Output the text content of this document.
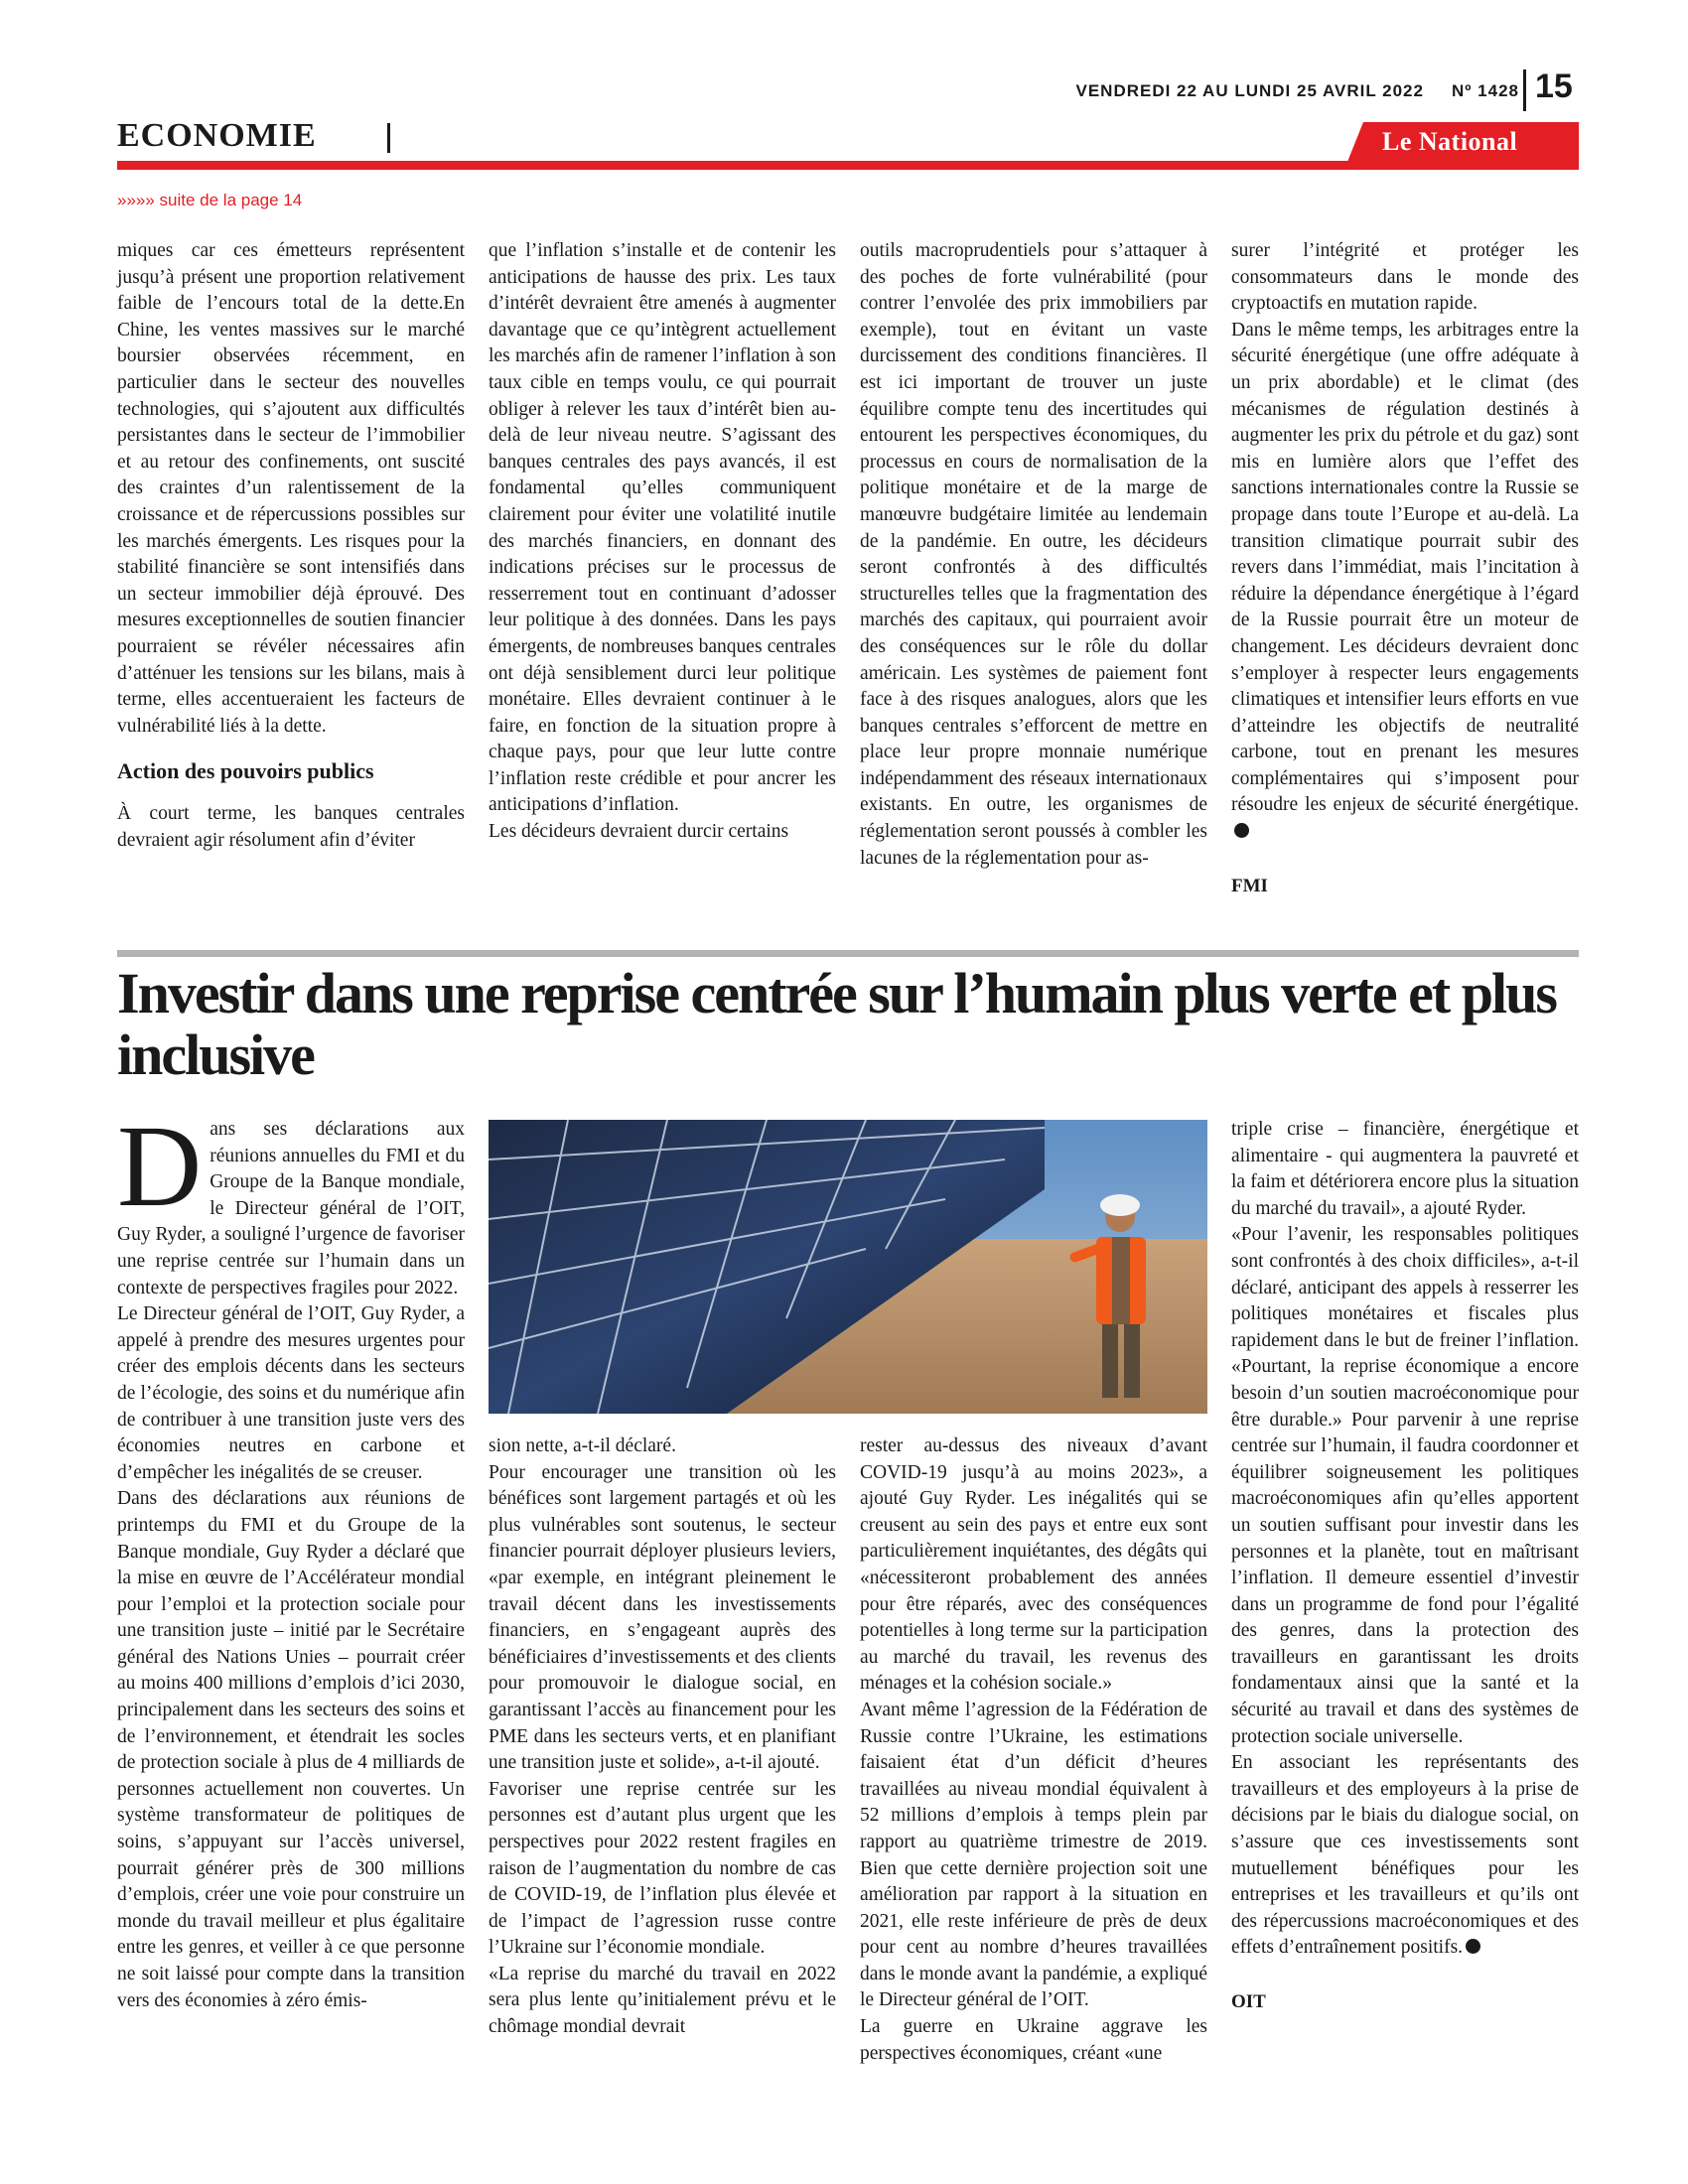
VENDREDI 22 AU LUNDI 25 AVRIL 2022 Nº 1428 15
ECONOMIE	Le National
»»»» suite de la page 14

miques car ces émetteurs représentent jusqu’à présent une proportion relativement faible de l’encours total de la dette.En Chine, les ventes massives sur le marché boursier observées récemment, en particulier dans le secteur des nouvelles technologies, qui s’ajoutent aux difficultés persistantes dans le secteur de l’immobilier et au retour des confinements, ont suscité des craintes d’un ralentissement de la croissance et de répercussions possibles sur les marchés émergents. Les risques pour la stabilité financière se sont intensifiés dans un secteur immobilier déjà éprouvé. Des mesures exceptionnelles de soutien financier pourraient se révéler nécessaires afin d’atténuer les tensions sur les bilans, mais à terme, elles accentueraient les facteurs de vulnérabilité liés à la dette.

Action des pouvoirs publics

À court terme, les banques centrales devraient agir résolument afin d’éviter

que l’inflation s’installe et de contenir les anticipations de hausse des prix. Les taux d’intérêt devraient être amenés à augmenter davantage que ce qu’intègrent actuellement les marchés afin de ramener l’inflation à son taux cible en temps voulu, ce qui pourrait obliger à relever les taux d’intérêt bien au-delà de leur niveau neutre. S’agissant des banques centrales des pays avancés, il est fondamental qu’elles communiquent clairement pour éviter une volatilité inutile des marchés financiers, en donnant des indications précises sur le processus de resserrement tout en continuant d’adosser leur politique à des données. Dans les pays émergents, de nombreuses banques centrales ont déjà sensiblement durci leur politique monétaire. Elles devraient continuer à le faire, en fonction de la situation propre à chaque pays, pour que leur lutte contre l’inflation reste crédible et pour ancrer les anticipations d’inflation.

Les décideurs devraient durcir certains

outils macroprudentiels pour s’attaquer à des poches de forte vulnérabilité (pour contrer l’envolée des prix immobiliers par exemple), tout en évitant un vaste durcissement des conditions financières. Il est ici important de trouver un juste équilibre compte tenu des incertitudes qui entourent les perspectives économiques, du processus en cours de normalisation de la politique monétaire et de la marge de manœuvre budgétaire limitée au lendemain de la pandémie. En outre, les décideurs seront confrontés à des difficultés structurelles telles que la fragmentation des marchés des capitaux, qui pourraient avoir des conséquences sur le rôle du dollar américain. Les systèmes de paiement font face à des risques analogues, alors que les banques centrales s’efforcent de mettre en place leur propre monnaie numérique indépendamment des réseaux internationaux existants. En outre, les organismes de réglementation seront poussés à combler les lacunes de la réglementation pour as-

surer l’intégrité et protéger les consommateurs dans le monde des cryptoactifs en mutation rapide.

Dans le même temps, les arbitrages entre la sécurité énergétique (une offre adéquate à un prix abordable) et le climat (des mécanismes de régulation destinés à augmenter les prix du pétrole et du gaz) sont mis en lumière alors que l’effet des sanctions internationales contre la Russie se propage dans toute l’Europe et au-delà. La transition climatique pourrait subir des revers dans l’immédiat, mais l’incitation à réduire la dépendance énergétique à l’égard de la Russie pourrait être un moteur de changement. Les décideurs devraient donc s’employer à respecter leurs engagements climatiques et intensifier leurs efforts en vue d’atteindre les objectifs de neutralité carbone, tout en prenant les mesures complémentaires qui s’imposent pour résoudre les enjeux de sécurité énergétique.

FMI
Investir dans une reprise centrée sur l’humain plus verte et plus inclusive

Dans ses déclarations aux réunions annuelles du FMI et du Groupe de la Banque mondiale, le Directeur général de l’OIT, Guy Ryder, a souligné l’urgence de favoriser une reprise centrée sur l’humain dans un contexte de perspectives fragiles pour 2022.

Le Directeur général de l’OIT, Guy Ryder, a appelé à prendre des mesures urgentes pour créer des emplois décents dans les secteurs de l’écologie, des soins et du numérique afin de contribuer à une transition juste vers des économies neutres en carbone et d’empêcher les inégalités de se creuser.

Dans des déclarations aux réunions de printemps du FMI et du Groupe de la Banque mondiale, Guy Ryder a déclaré que la mise en œuvre de l’Accélérateur mondial pour l’emploi et la protection sociale pour une transition juste – initié par le Secrétaire général des Nations Unies – pourrait créer au moins 400 millions d’emplois d’ici 2030, principalement dans les secteurs des soins et de l’environnement, et étendrait les socles de protection sociale à plus de 4 milliards de personnes actuellement non couvertes. Un système transformateur de politiques de soins, s’appuyant sur l’accès universel, pourrait générer près de 300 millions d’emplois, créer une voie pour construire un monde du travail meilleur et plus égalitaire entre les genres, et veiller à ce que personne ne soit laissé pour compte dans la transition vers des économies à zéro émis-

sion nette, a-t-il déclaré.

Pour encourager une transition où les bénéfices sont largement partagés et où les plus vulnérables sont soutenus, le secteur financier pourrait déployer plusieurs leviers, «par exemple, en intégrant pleinement le travail décent dans les investissements financiers, en s’engageant auprès des bénéficiaires d’investissements et des clients pour promouvoir le dialogue social, en garantissant l’accès au financement pour les PME dans les secteurs verts, et en planifiant une transition juste et solide», a-t-il ajouté.

Favoriser une reprise centrée sur les personnes est d’autant plus urgent que les perspectives pour 2022 restent fragiles en raison de l’augmentation du nombre de cas de COVID-19, de l’inflation plus élevée et de l’impact de l’agression russe contre l’Ukraine sur l’économie mondiale.

«La reprise du marché du travail en 2022 sera plus lente qu’initialement prévu et le chômage mondial devrait

rester au-dessus des niveaux d’avant COVID-19 jusqu’à au moins 2023», a ajouté Guy Ryder. Les inégalités qui se creusent au sein des pays et entre eux sont particulièrement inquiétantes, des dégâts qui «nécessiteront probablement des années pour être réparés, avec des conséquences potentielles à long terme sur la participation au marché du travail, les revenus des ménages et la cohésion sociale.»

Avant même l’agression de la Fédération de Russie contre l’Ukraine, les estimations faisaient état d’un déficit d’heures travaillées au niveau mondial équivalent à 52 millions d’emplois à temps plein par rapport au quatrième trimestre de 2019. Bien que cette dernière projection soit une amélioration par rapport à la situation en 2021, elle reste inférieure de près de deux pour cent au nombre d’heures travaillées dans le monde avant la pandémie, a expliqué le Directeur général de l’OIT.

La guerre en Ukraine aggrave les perspectives économiques, créant «une

triple crise – financière, énergétique et alimentaire - qui augmentera la pauvreté et la faim et détériorera encore plus la situation du marché du travail», a ajouté Ryder.

«Pour l’avenir, les responsables politiques sont confrontés à des choix difficiles», a-t-il déclaré, anticipant des appels à resserrer les politiques monétaires et fiscales plus rapidement dans le but de freiner l’inflation. «Pourtant, la reprise économique a encore besoin d’un soutien macroéconomique pour être durable.» Pour parvenir à une reprise centrée sur l’humain, il faudra coordonner et équilibrer soigneusement les politiques macroéconomiques afin qu’elles apportent un soutien suffisant pour investir dans les personnes et la planète, tout en maîtrisant l’inflation. Il demeure essentiel d’investir dans un programme de fond pour l’égalité des genres, dans la protection des travailleurs en garantissant les droits fondamentaux ainsi que la santé et la sécurité au travail et dans des systèmes de protection sociale universelle.

En associant les représentants des travailleurs et des employeurs à la prise de décisions par le biais du dialogue social, on s’assure que ces investissements sont mutuellement bénéfiques pour les entreprises et les travailleurs et qu’ils ont des répercussions macroéconomiques et des effets d’entraînement positifs.

OIT
